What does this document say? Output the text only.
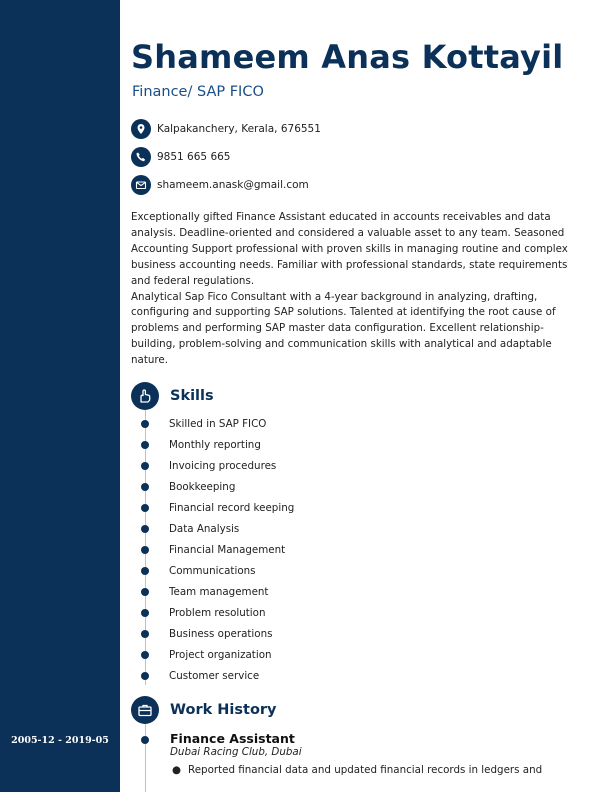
2005-12 - 2019-05
Shameem Anas Kottayil
Finance/ SAP FICO
Kalpakanchery, Kerala, 676551
9851 665 665
shameem.anask@gmail.com

Exceptionally gifted Finance Assistant educated in accounts receivables and data analysis. Deadline-oriented and considered a valuable asset to any team. Seasoned Accounting Support professional with proven skills in managing routine and complex business accounting needs. Familiar with professional standards, state requirements and federal regulations.

Analytical Sap Fico Consultant with a 4-year background in analyzing, drafting, configuring and supporting SAP solutions. Talented at identifying the root cause of problems and performing SAP master data configuration. Excellent relationship-building, problem-solving and communication skills with analytical and adaptable nature.

Skills
Skilled in SAP FICO
Monthly reporting
Invoicing procedures
Bookkeeping
Financial record keeping
Data Analysis
Financial Management
Communications
Team management
Problem resolution
Business operations
Project organization
Customer service
Work History
Finance Assistant
Dubai Racing Club, Dubai
● Reported financial data and updated financial records in ledgers and
